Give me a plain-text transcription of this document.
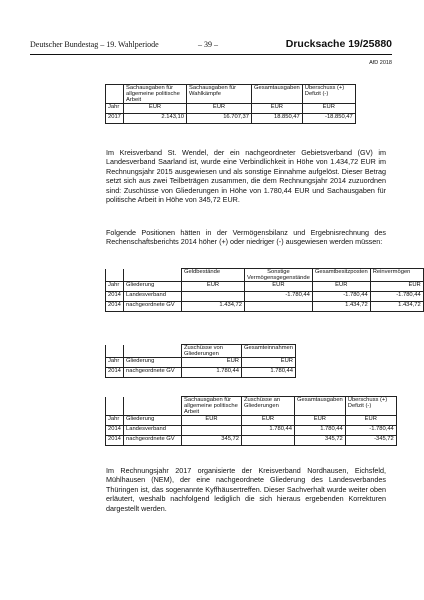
Deutscher Bundestag – 19. Wahlperiode	– 39 –	Drucksache 19/25880
AfD 2018
	Sachausgaben für allgemeine politische Arbeit	Sachausgaben für Wahlkämpfe	Gesamtausgaben	Überschuss (+) Defizit (-)
Jahr	EUR	EUR	EUR	EUR
2017	2.143,10	16.707,37	18.850,47	-18.850,47

Im Kreisverband St. Wendel, der ein nachgeordneter Gebietsverband (GV) im Landesverband Saarland ist, wurde eine Verbindlichkeit in Höhe von 1.434,72 EUR im Rechnungsjahr 2015 ausgewiesen und als sonstige Einnahme aufgelöst. Dieser Betrag setzt sich aus zwei Teilbeträgen zusammen, die dem Rechnungsjahr 2014 zuzuordnen sind: Zuschüsse von Gliederungen in Höhe von 1.780,44 EUR und Sachausgaben für politische Arbeit in Höhe von 345,72 EUR.

Folgende Positionen hätten in der Vermögensbilanz und Ergebnisrechnung des Rechenschaftsberichts 2014 höher (+) oder niedriger (-) ausgewiesen werden müssen:

		Geldbestände	Sonstige Vermögensgegenstände	Gesamtbesitzposten	Reinvermögen
Jahr	Gliederung	EUR	EUR	EUR	EUR
2014	Landesverband		-1.780,44	-1.780,44	-1.780,44
2014	nachgeordnete GV	1.434,72		1.434,72	1.434,72
		Zuschüsse von Gliederungen	Gesamteinnahmen
Jahr	Gliederung	EUR	EUR
2014	nachgeordnete GV	1.780,44	1.780,44
		Sachausgaben für allgemeine politische Arbeit	Zuschüsse an Gliederungen	Gesamtausgaben	Überschuss (+) Defizit (-)
Jahr	Gliederung	EUR	EUR	EUR	EUR
2014	Landesverband		1.780,44	1.780,44	-1.780,44
2014	nachgeordnete GV	345,72		345,72	-345,72

Im Rechnungsjahr 2017 organisierte der Kreisverband Nordhausen, Eichsfeld, Mühlhausen (NEM), der eine nachgeordnete Gliederung des Landesverbandes Thüringen ist, das sogenannte Kyffhäusertreffen. Dieser Sachverhalt wurde weiter oben erläutert, weshalb nachfolgend lediglich die sich hieraus ergebenden Korrekturen dargestellt werden.
